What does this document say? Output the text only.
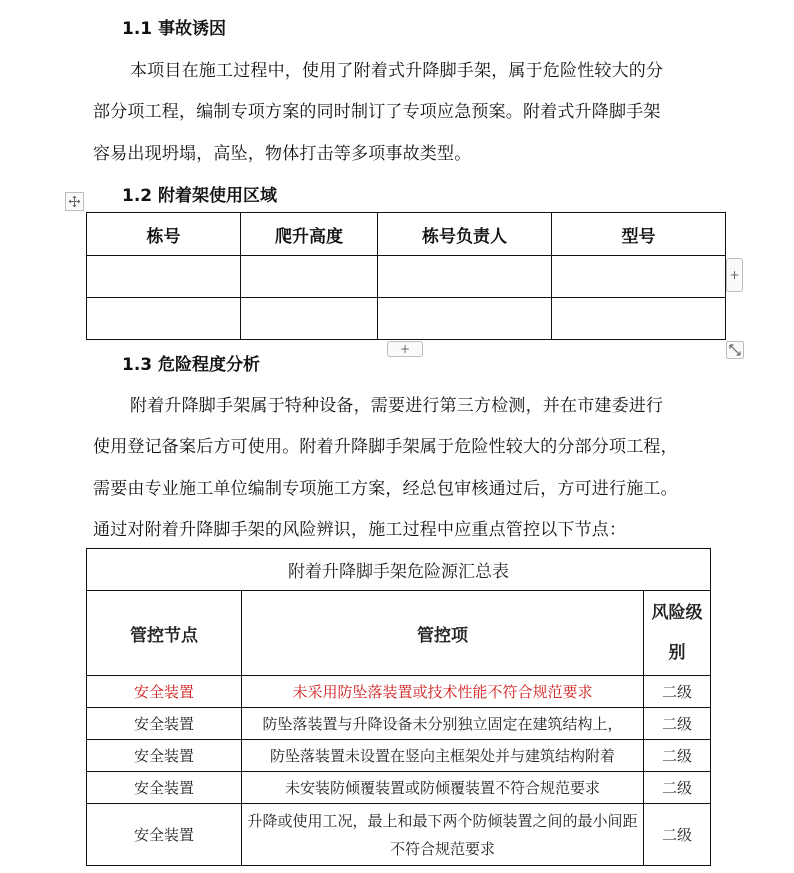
1.1 事故诱因
本项目在施工过程中，使用了附着式升降脚手架，属于危险性较大的分
部分项工程，编制专项方案的同时制订了专项应急预案。附着式升降脚手架
容易出现坍塌，高坠，物体打击等多项事故类型。
1.2 附着架使用区域
栋号	爬升高度	栋号负责人	型号

+
+
1.3 危险程度分析
附着升降脚手架属于特种设备，需要进行第三方检测，并在市建委进行
使用登记备案后方可使用。附着升降脚手架属于危险性较大的分部分项工程，
需要由专业施工单位编制专项施工方案，经总包审核通过后，方可进行施工。
通过对附着升降脚手架的风险辨识，施工过程中应重点管控以下节点：
附着升降脚手架危险源汇总表		
管控节点	管控项	风险级别
安全装置	未采用防坠落装置或技术性能不符合规范要求	二级
安全装置	防坠落装置与升降设备未分别独立固定在建筑结构上，	二级
安全装置	防坠落装置未设置在竖向主框架处并与建筑结构附着	二级
安全装置	未安装防倾覆装置或防倾覆装置不符合规范要求	二级
安全装置	升降或使用工况，最上和最下两个防倾装置之间的最小间距不符合规范要求	二级
